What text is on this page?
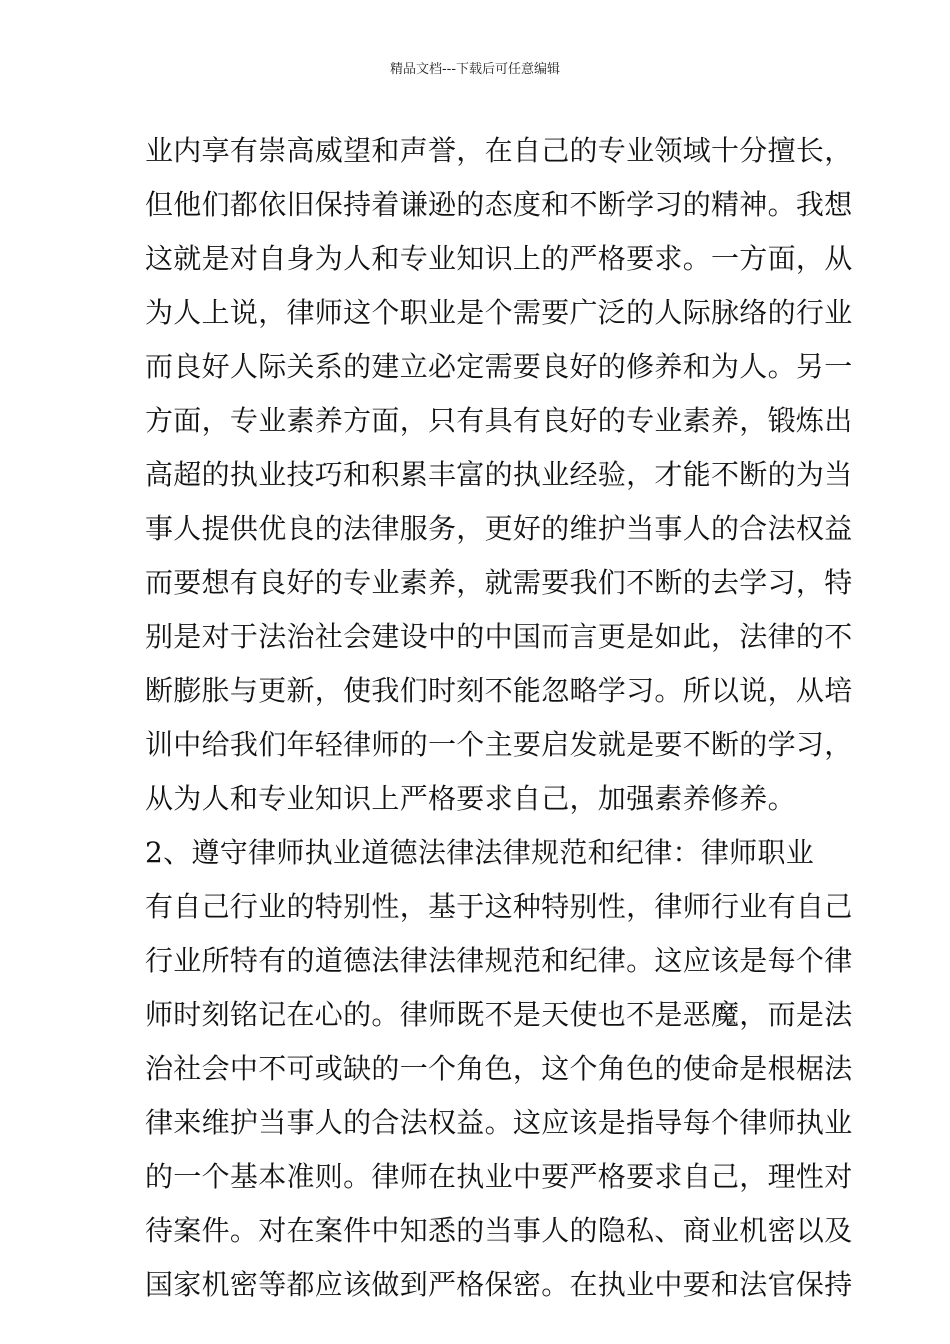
精品文档---下载后可任意编辑
业内享有崇高威望和声誉，在自己的专业领域十分擅长，
但他们都依旧保持着谦逊的态度和不断学习的精神。我想
这就是对自身为人和专业知识上的严格要求。一方面，从
为人上说，律师这个职业是个需要广泛的人际脉络的行业
而良好人际关系的建立必定需要良好的修养和为人。另一
方面，专业素养方面，只有具有良好的专业素养，锻炼出
高超的执业技巧和积累丰富的执业经验，才能不断的为当
事人提供优良的法律服务，更好的维护当事人的合法权益
而要想有良好的专业素养，就需要我们不断的去学习，特
别是对于法治社会建设中的中国而言更是如此，法律的不
断膨胀与更新，使我们时刻不能忽略学习。所以说，从培
训中给我们年轻律师的一个主要启发就是要不断的学习，
从为人和专业知识上严格要求自己，加强素养修养。
2、遵守律师执业道德法律法律规范和纪律：律师职业
有自己行业的特别性，基于这种特别性，律师行业有自己
行业所特有的道德法律法律规范和纪律。这应该是每个律
师时刻铭记在心的。律师既不是天使也不是恶魔，而是法
治社会中不可或缺的一个角色，这个角色的使命是根椐法
律来维护当事人的合法权益。这应该是指导每个律师执业
的一个基本准则。律师在执业中要严格要求自己，理性对
待案件。对在案件中知悉的当事人的隐私、商业机密以及
国家机密等都应该做到严格保密。在执业中要和法官保持
